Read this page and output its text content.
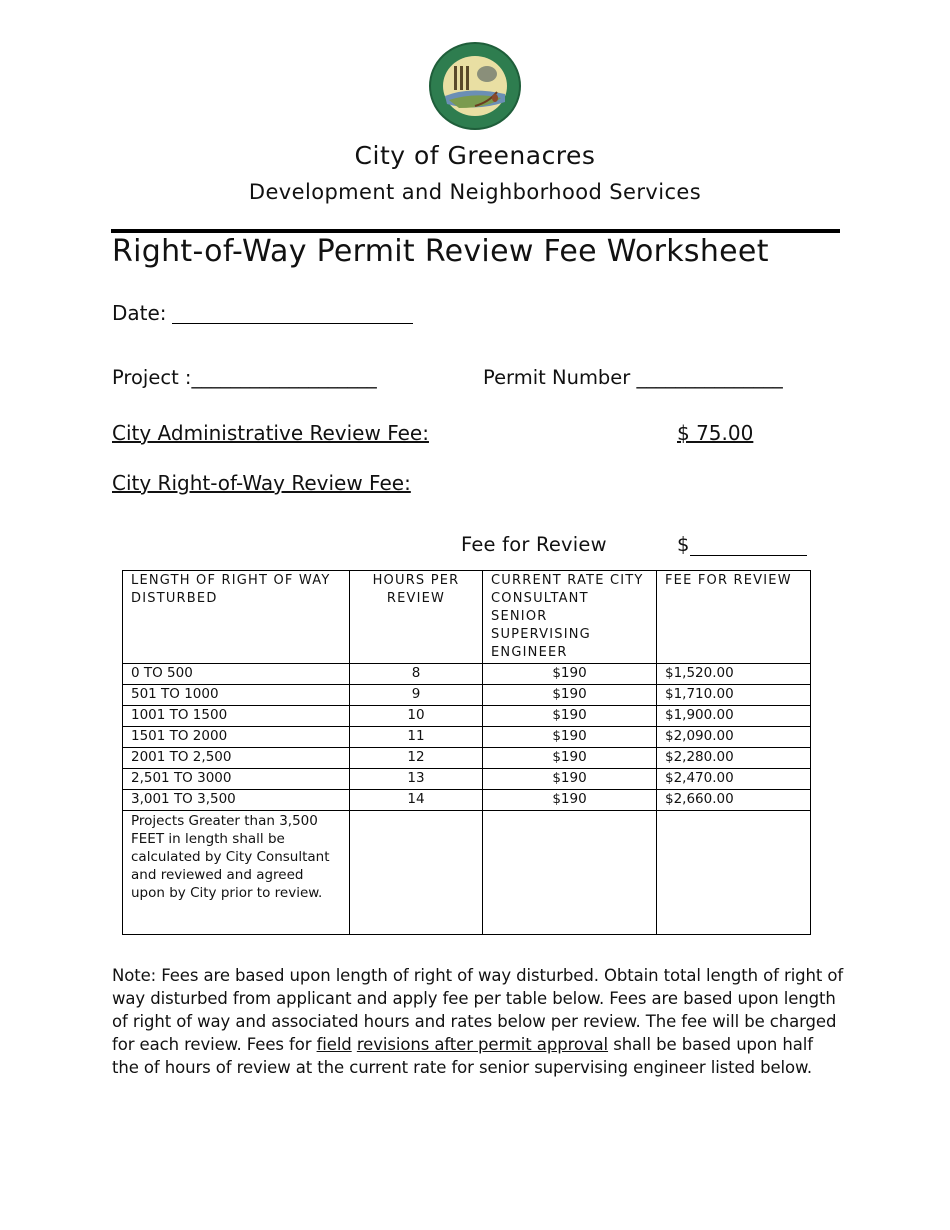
City of Greenacres
Development and Neighborhood Services
Right-of-Way Permit Review Fee Worksheet
Date:
Project :___________________	Permit Number _______________
City Administrative Review Fee:	$ 75.00
City Right-of-Way Review Fee:
Fee for Review	$
LENGTH OF RIGHT OF WAY DISTURBED	HOURS PER REVIEW	CURRENT RATE CITY CONSULTANT SENIOR SUPERVISING ENGINEER	FEE FOR REVIEW
0 TO 500	8	$190	$1,520.00
501 TO 1000	9	$190	$1,710.00
1001 TO 1500	10	$190	$1,900.00
1501 TO 2000	11	$190	$2,090.00
2001 TO 2,500	12	$190	$2,280.00
2,501 TO 3000	13	$190	$2,470.00
3,001 TO 3,500	14	$190	$2,660.00
Projects Greater than 3,500 FEET in length shall be calculated by City Consultant and reviewed and agreed upon by City prior to review.			
Note: Fees are based upon length of right of way disturbed. Obtain total length of right of way disturbed from applicant and apply fee per table below. Fees are based upon length of right of way and associated hours and rates below per review. The fee will be charged for each review. Fees for field revisions after permit approval shall be based upon half the of hours of review at the current rate for senior supervising engineer listed below.
